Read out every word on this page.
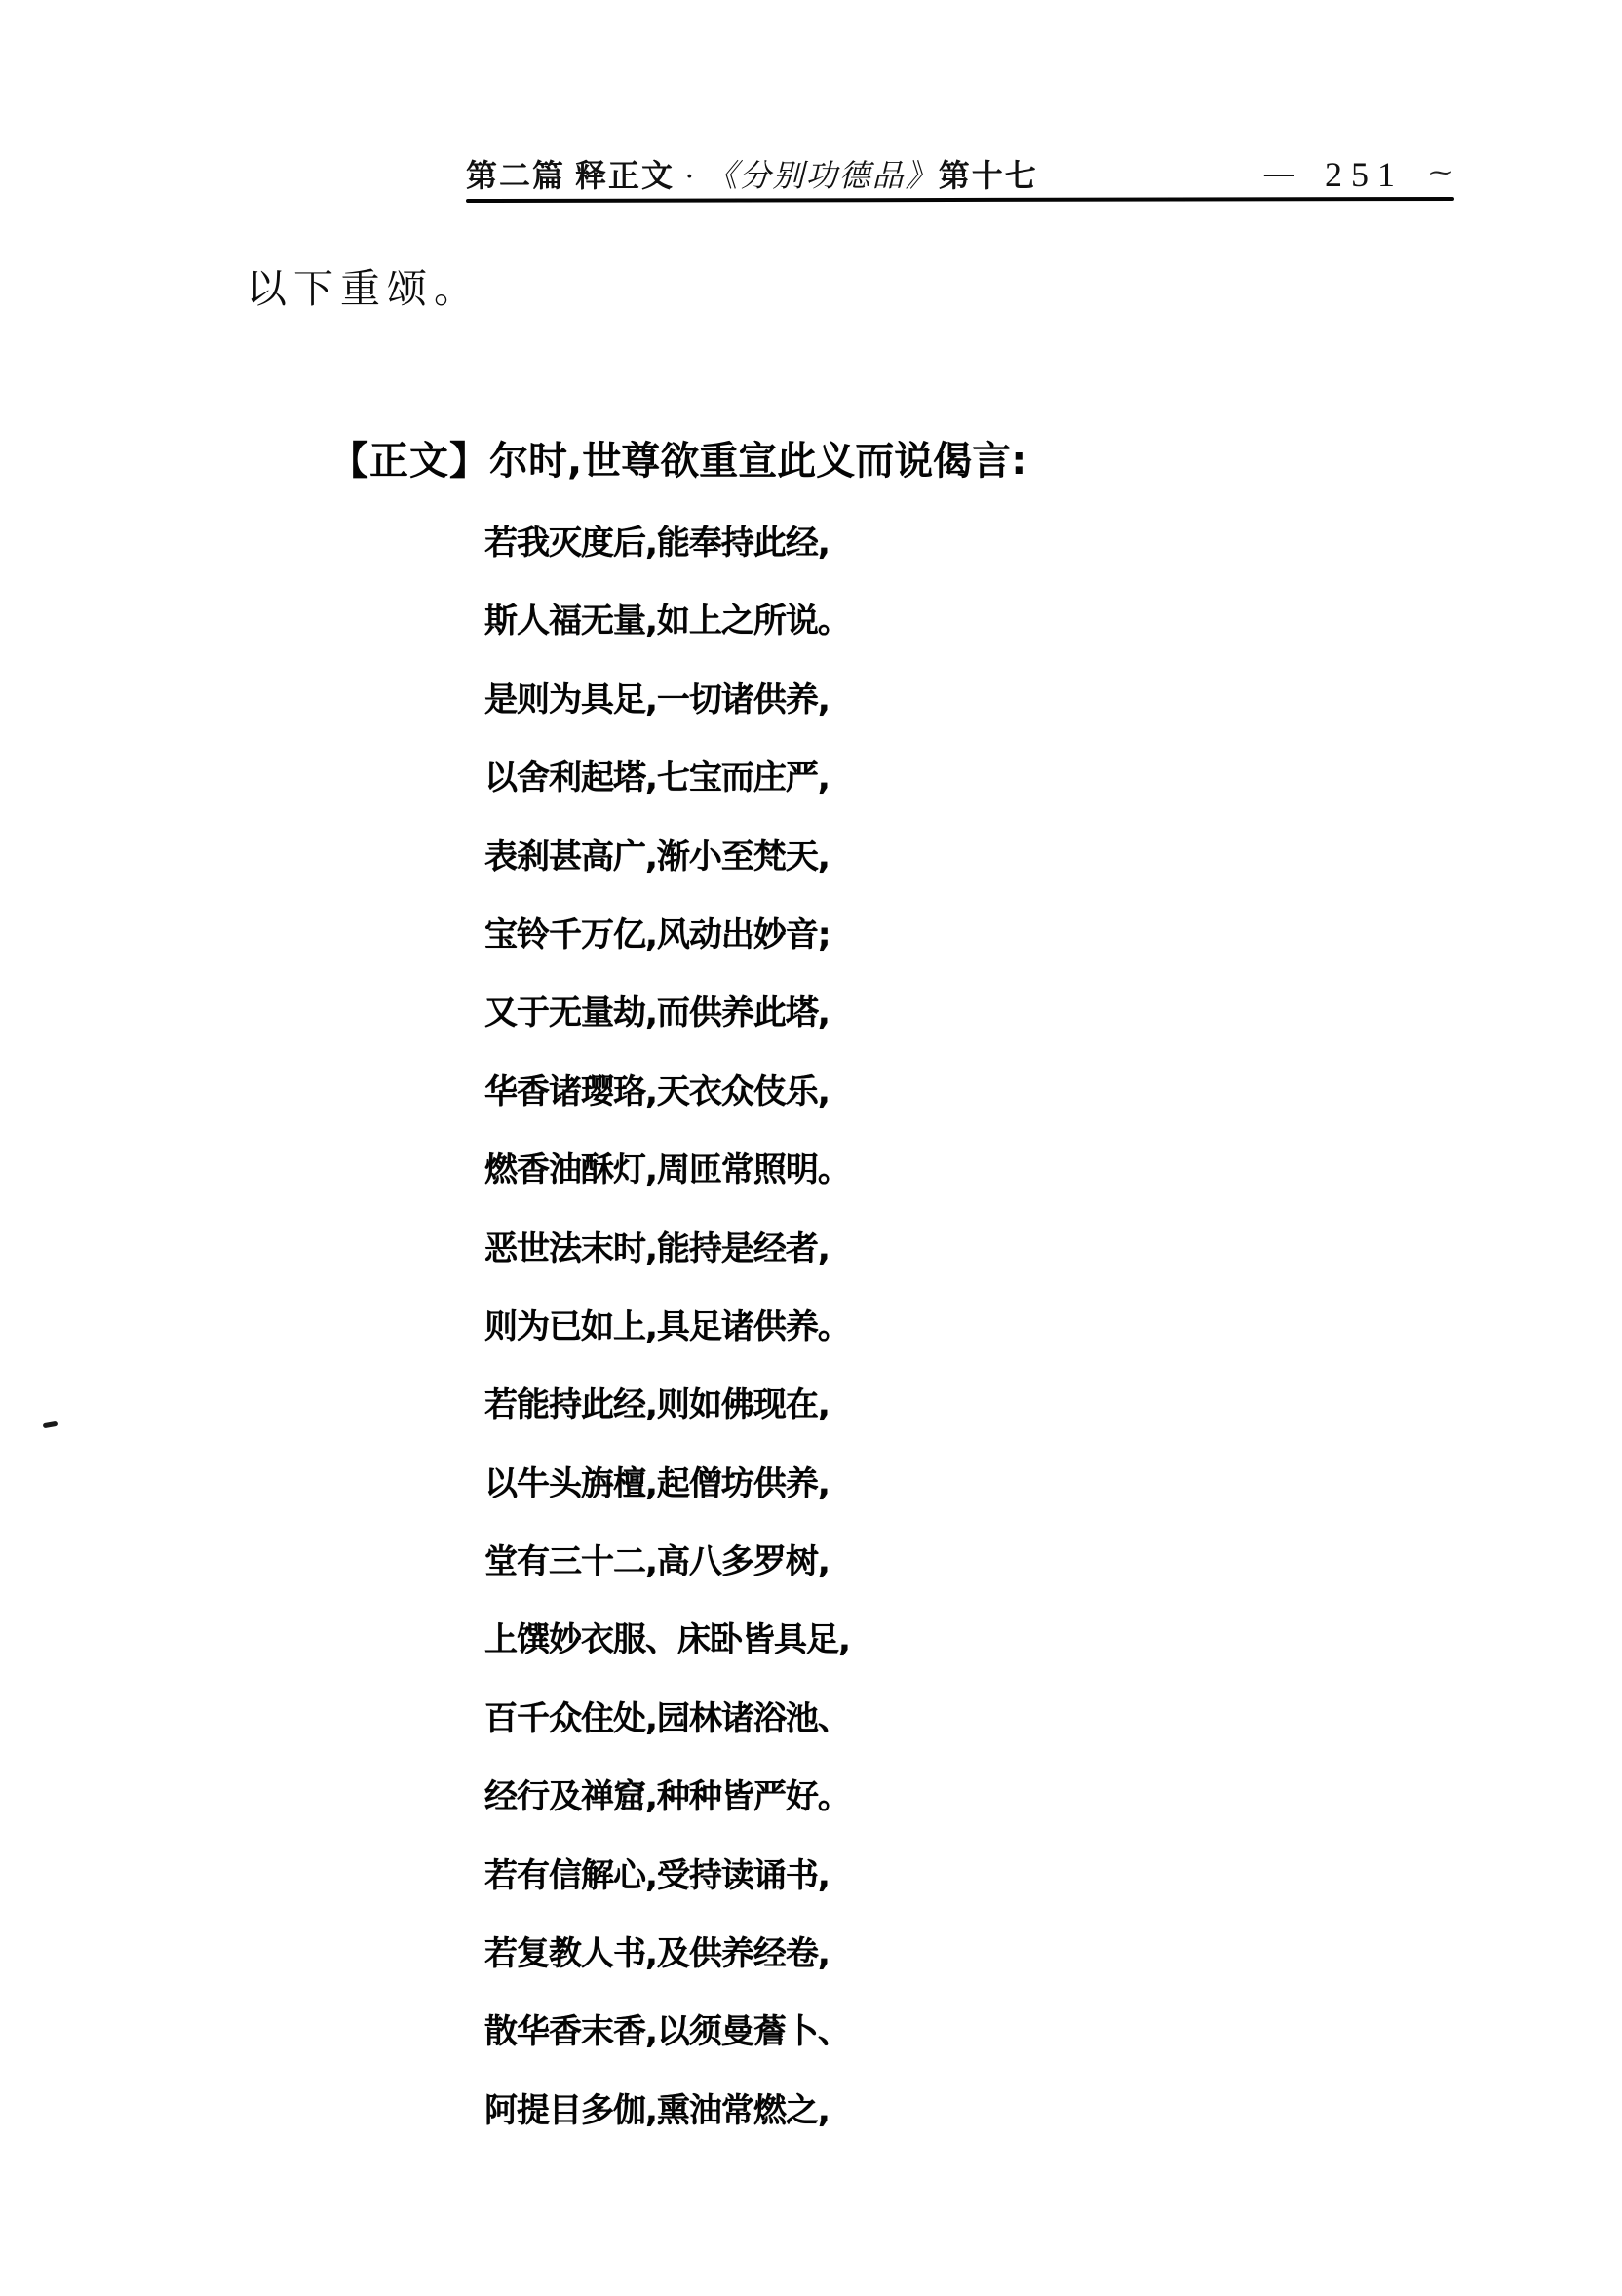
第二篇 释正文 · 《分别功德品》 第十七	— 251 ⁓

以下重颂。

【正文】尔时,世尊欲重宣此义而说偈言:

若我灭度后,能奉持此经,
斯人福无量,如上之所说。
是则为具足,一切诸供养,
以舍利起塔,七宝而庄严,
表刹甚高广,渐小至梵天,
宝铃千万亿,风动出妙音;
又于无量劫,而供养此塔,
华香诸璎珞,天衣众伎乐,
燃香油酥灯,周匝常照明。
恶世法末时,能持是经者,
则为已如上,具足诸供养。
若能持此经,则如佛现在,
以牛头旃檀,起僧坊供养,
堂有三十二,高八多罗树,
上馔妙衣服、床卧皆具足,
百千众住处,园林诸浴池、
经行及禅窟,种种皆严好。
若有信解心,受持读诵书,
若复教人书,及供养经卷,
散华香末香,以须曼薝卜、
阿提目多伽,熏油常燃之,
